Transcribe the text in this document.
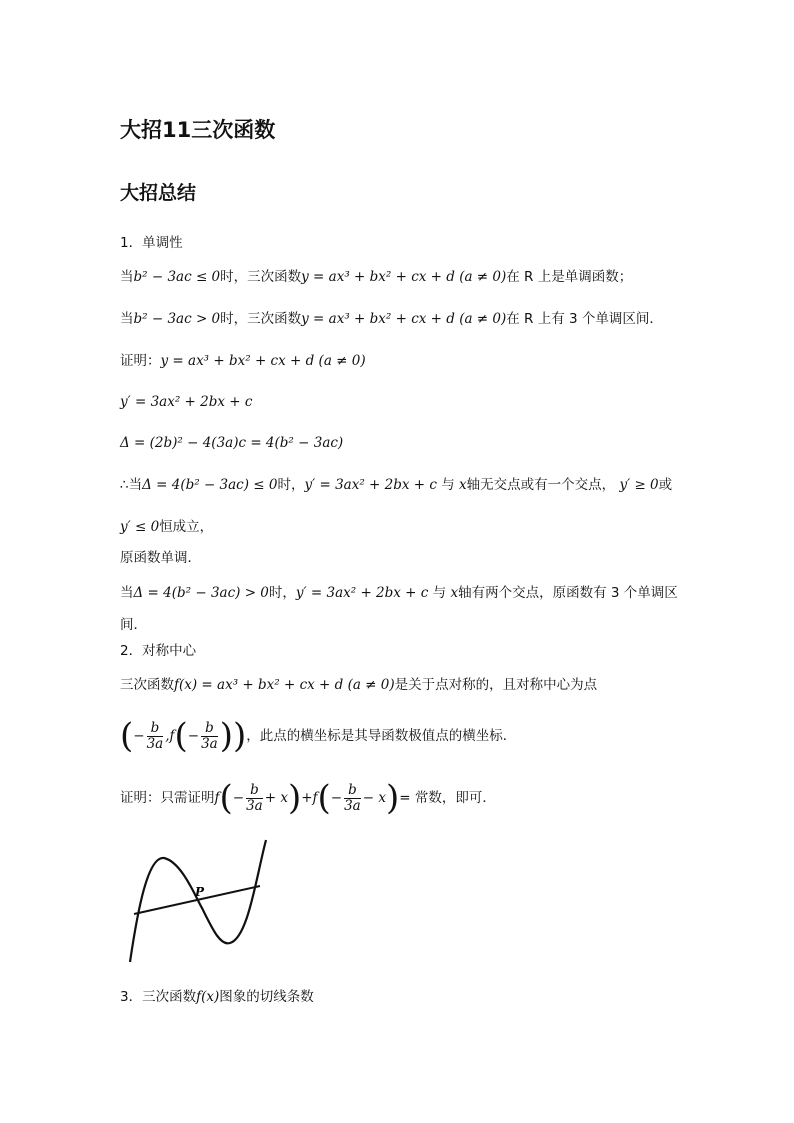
大招11三次函数
大招总结
1．单调性
当b² − 3ac ≤ 0时，三次函数y = ax³ + bx² + cx + d (a ≠ 0)在 R 上是单调函数；
当b² − 3ac > 0时，三次函数y = ax³ + bx² + cx + d (a ≠ 0)在 R 上有 3 个单调区间．
证明：y = ax³ + bx² + cx + d (a ≠ 0)
y′ = 3ax² + 2bx + c
Δ = (2b)² − 4(3a)c = 4(b² − 3ac)
∴当Δ = 4(b² − 3ac) ≤ 0时，y′ = 3ax² + 2bx + c 与 x轴无交点或有一个交点， y′ ≥ 0或
y′ ≤ 0恒成立，
原函数单调．
当Δ = 4(b² − 3ac) > 0时，y′ = 3ax² + 2bx + c 与 x轴有两个交点，原函数有 3 个单调区
间．
2．对称中心
三次函数f(x) = ax³ + bx² + cx + d (a ≠ 0)是关于点对称的，且对称中心为点
(− $\frac{b}{3a} ,f(- \frac{b}{3a}$ ))，此点的横坐标是其导函数极值点的横坐标．
证明：只需证明$f(- \frac{b}{3a} + x)+f(- \frac{b}{3a} - x)=$ 常数，即可．
P
3．三次函数f(x)图象的切线条数
